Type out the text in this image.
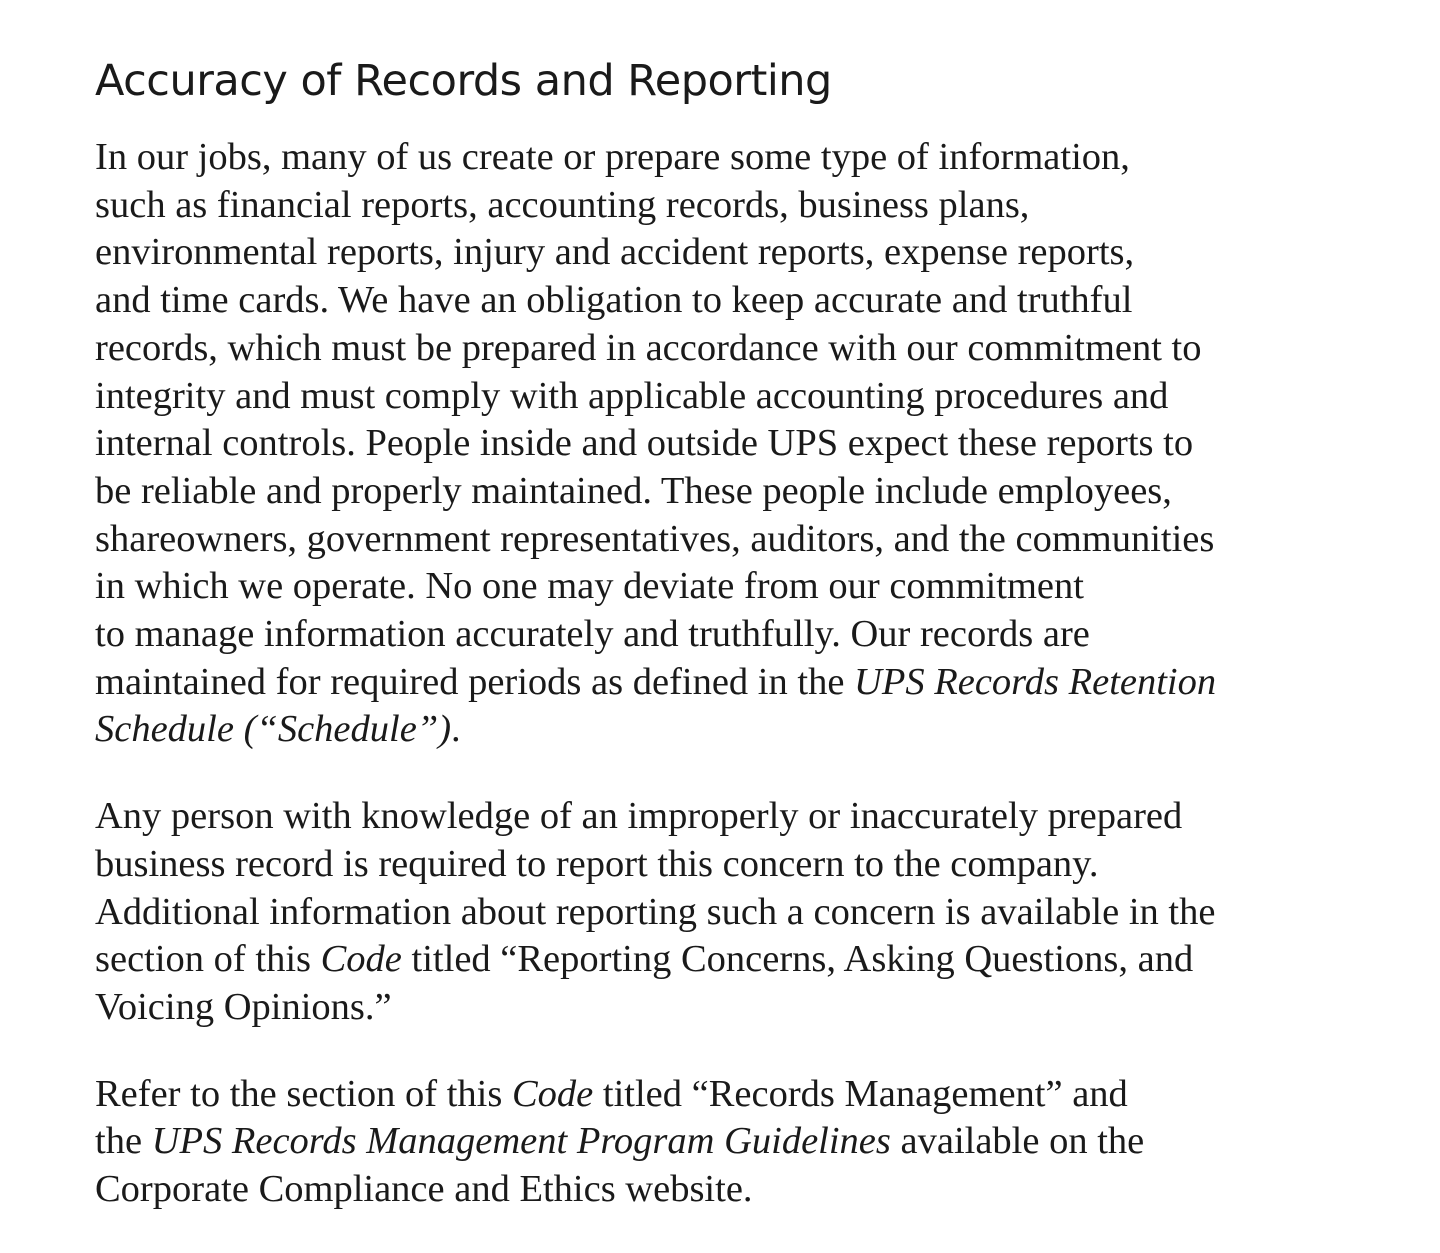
Accuracy of Records and Reporting

In our jobs, many of us create or prepare some type of information,
such as financial reports, accounting records, business plans,
environmental reports, injury and accident reports, expense reports,
and time cards. We have an obligation to keep accurate and truthful
records, which must be prepared in accordance with our commitment to
integrity and must comply with applicable accounting procedures and
internal controls. People inside and outside UPS expect these reports to
be reliable and properly maintained. These people include employees,
shareowners, government representatives, auditors, and the communities
in which we operate. No one may deviate from our commitment
to manage information accurately and truthfully. Our records are
maintained for required periods as defined in the UPS Records Retention
Schedule (“Schedule”).

Any person with knowledge of an improperly or inaccurately prepared
business record is required to report this concern to the company.
Additional information about reporting such a concern is available in the
section of this Code titled “Reporting Concerns, Asking Questions, and
Voicing Opinions.”

Refer to the section of this Code titled “Records Management” and
the UPS Records Management Program Guidelines available on the
Corporate Compliance and Ethics website.
